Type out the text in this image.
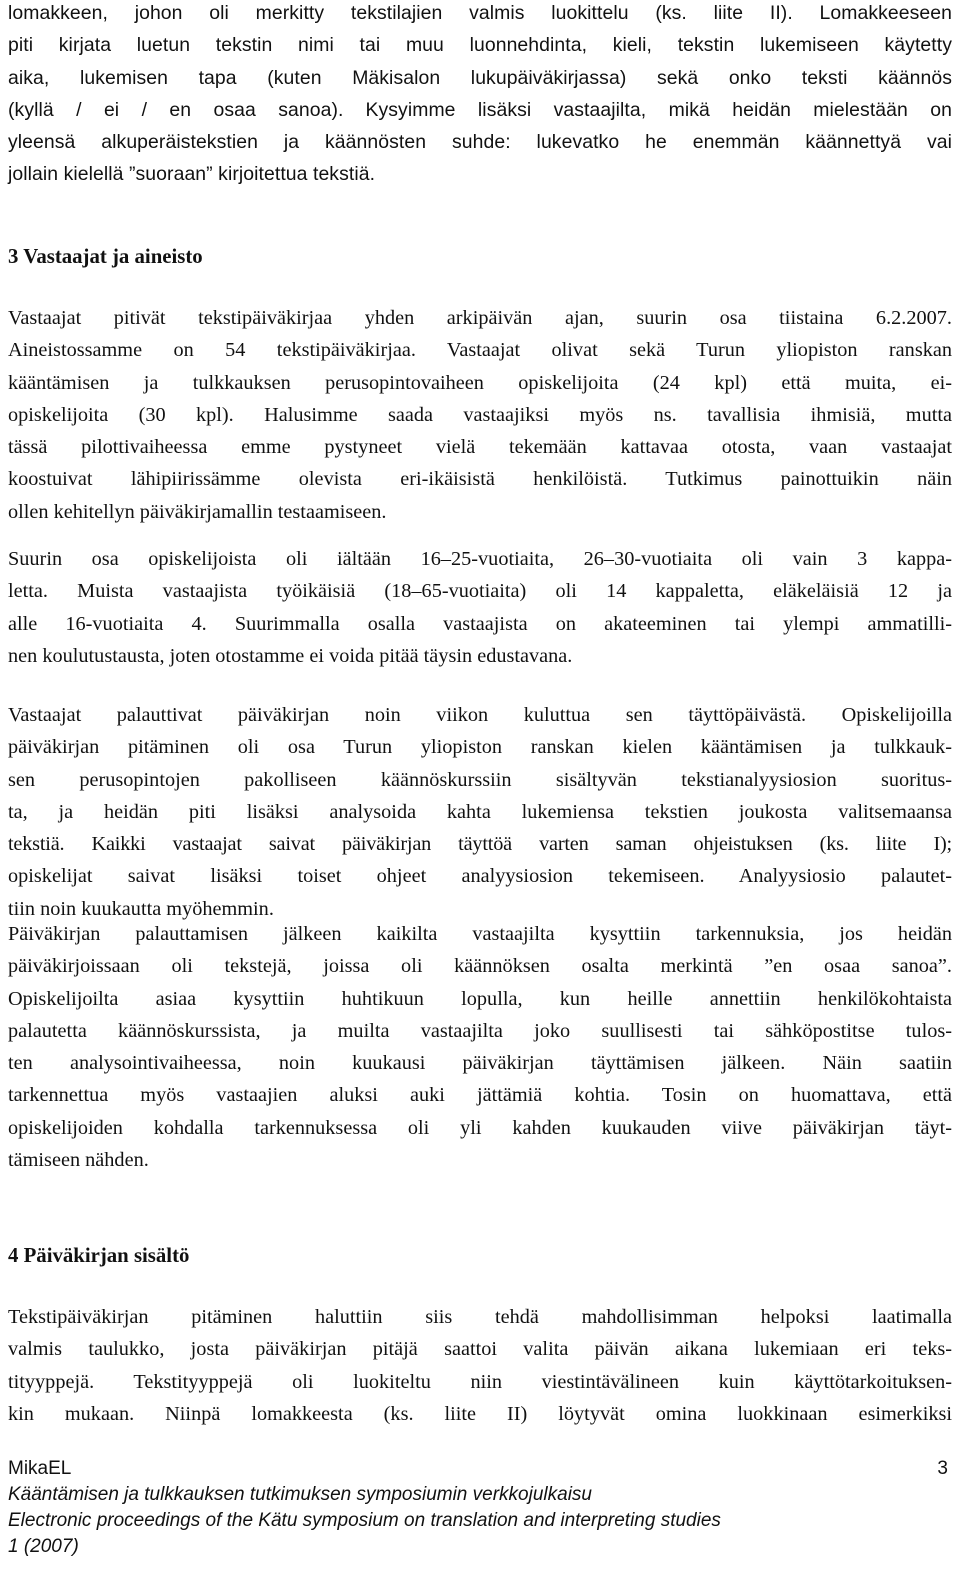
lomakkeen, johon oli merkitty tekstilajien valmis luokittelu (ks. liite II). Lomakkeeseen
piti kirjata luetun tekstin nimi tai muu luonnehdinta, kieli, tekstin lukemiseen käytetty
aika, lukemisen tapa (kuten Mäkisalon lukupäiväkirjassa) sekä onko teksti käännös
(kyllä / ei / en osaa sanoa). Kysyimme lisäksi vastaajilta, mikä heidän mielestään on
yleensä alkuperäistekstien ja käännösten suhde: lukevatko he enemmän käännettyä vai
jollain kielellä ”suoraan” kirjoitettua tekstiä.
3 Vastaajat ja aineisto
Vastaajat pitivät tekstipäiväkirjaa yhden arkipäivän ajan, suurin osa tiistaina 6.2.2007.
Aineistossamme on 54 tekstipäiväkirjaa. Vastaajat olivat sekä Turun yliopiston ranskan
kääntämisen ja tulkkauksen perusopintovaiheen opiskelijoita (24 kpl) että muita, ei-
opiskelijoita (30 kpl). Halusimme saada vastaajiksi myös ns. tavallisia ihmisiä, mutta
tässä pilottivaiheessa emme pystyneet vielä tekemään kattavaa otosta, vaan vastaajat
koostuivat lähipiirissämme olevista eri-ikäisistä henkilöistä. Tutkimus painottuikin näin
ollen kehitellyn päiväkirjamallin testaamiseen.
Suurin osa opiskelijoista oli iältään 16–25-vuotiaita, 26–30-vuotiaita oli vain 3 kappa-
letta. Muista vastaajista työikäisiä (18–65-vuotiaita) oli 14 kappaletta, eläkeläisiä 12 ja
alle 16-vuotiaita 4. Suurimmalla osalla vastaajista on akateeminen tai ylempi ammatilli-
nen koulutustausta, joten otostamme ei voida pitää täysin edustavana.
Vastaajat palauttivat päiväkirjan noin viikon kuluttua sen täyttöpäivästä. Opiskelijoilla
päiväkirjan pitäminen oli osa Turun yliopiston ranskan kielen kääntämisen ja tulkkauk-
sen perusopintojen pakolliseen käännöskurssiin sisältyvän tekstianalyysiosion suoritus-
ta, ja heidän piti lisäksi analysoida kahta lukemiensa tekstien joukosta valitsemaansa
tekstiä. Kaikki vastaajat saivat päiväkirjan täyttöä varten saman ohjeistuksen (ks. liite I);
opiskelijat saivat lisäksi toiset ohjeet analyysiosion tekemiseen. Analyysiosio palautet-
tiin noin kuukautta myöhemmin.
Päiväkirjan palauttamisen jälkeen kaikilta vastaajilta kysyttiin tarkennuksia, jos heidän
päiväkirjoissaan oli tekstejä, joissa oli käännöksen osalta merkintä ”en osaa sanoa”.
Opiskelijoilta asiaa kysyttiin huhtikuun lopulla, kun heille annettiin henkilökohtaista
palautetta käännöskurssista, ja muilta vastaajilta joko suullisesti tai sähköpostitse tulos-
ten analysointivaiheessa, noin kuukausi päiväkirjan täyttämisen jälkeen. Näin saatiin
tarkennettua myös vastaajien aluksi auki jättämiä kohtia. Tosin on huomattava, että
opiskelijoiden kohdalla tarkennuksessa oli yli kahden kuukauden viive päiväkirjan täyt-
tämiseen nähden.
4 Päiväkirjan sisältö
Tekstipäiväkirjan pitäminen haluttiin siis tehdä mahdollisimman helpoksi laatimalla
valmis taulukko, josta päiväkirjan pitäjä saattoi valita päivän aikana lukemiaan eri teks-
tityyppejä. Tekstityyppejä oli luokiteltu niin viestintävälineen kuin käyttötarkoituksen-
kin mukaan. Niinpä lomakkeesta (ks. liite II) löytyvät omina luokkinaan esimerkiksi
MikaEL	3
Kääntämisen ja tulkkauksen tutkimuksen symposiumin verkkojulkaisu
Electronic proceedings of the Kätu symposium on translation and interpreting studies
1 (2007)
